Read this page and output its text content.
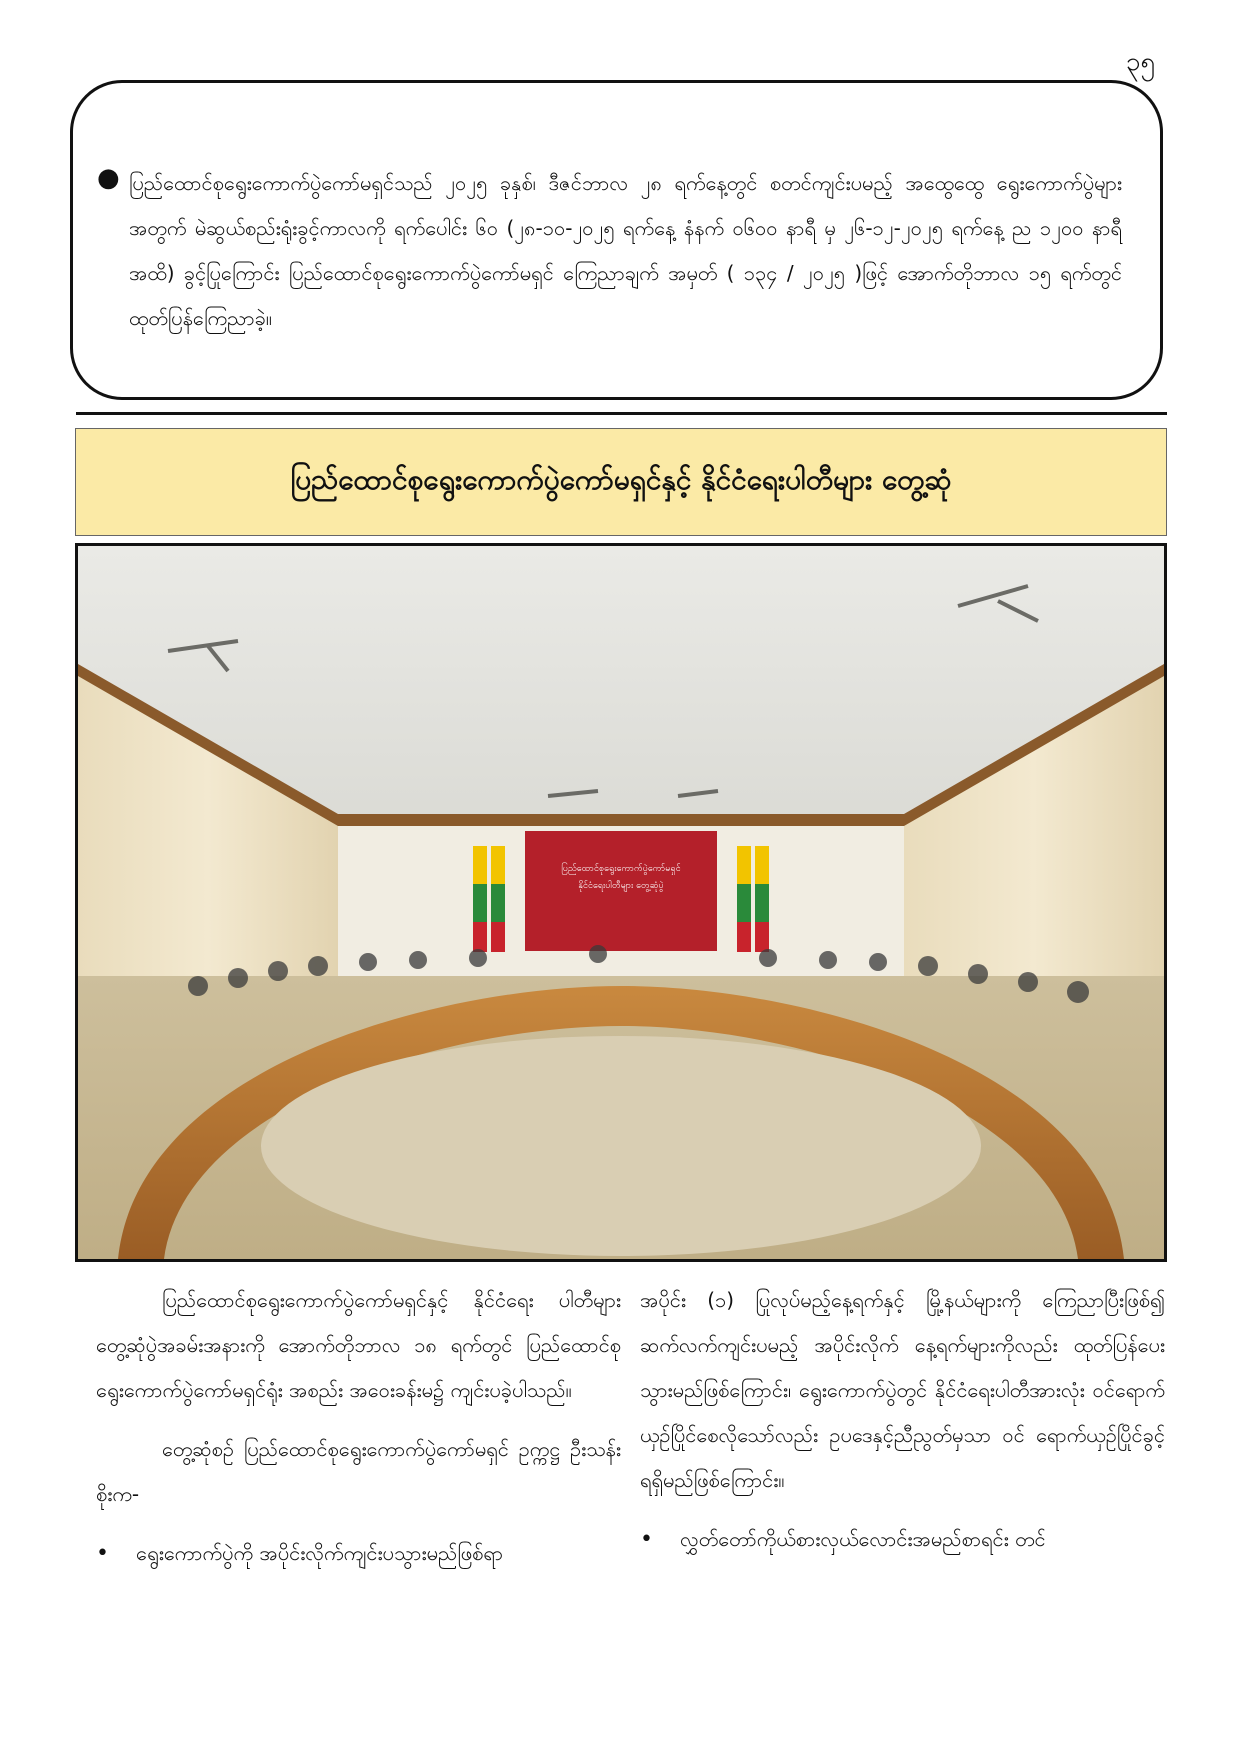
၃၅
● ပြည်ထောင်စုရွေးကောက်ပွဲကော်မရှင်သည် ၂၀၂၅ ခုနှစ်၊ ဒီဇင်ဘာလ ၂၈ ရက်နေ့တွင် စတင်ကျင်းပမည့် အထွေထွေ ရွေးကောက်ပွဲများအတွက် မဲဆွယ်စည်းရုံးခွင့်ကာလကို ရက်ပေါင်း ၆၀ (၂၈-၁၀-၂၀၂၅ ရက်နေ့ နံနက် ၀၆၀၀ နာရီ မှ ၂၆-၁၂-၂၀၂၅ ရက်နေ့ ည ၁၂၀၀ နာရီအထိ) ခွင့်ပြုကြောင်း ပြည်ထောင်စုရွေးကောက်ပွဲကော်မရှင် ကြေညာချက် အမှတ် ( ၁၃၄ / ၂၀၂၅ )ဖြင့် အောက်တိုဘာလ ၁၅ ရက်တွင် ထုတ်ပြန်ကြေညာခဲ့။

ပြည်ထောင်စုရွေးကောက်ပွဲကော်မရှင်နှင့် နိုင်ငံရေးပါတီများ တွေ့ဆုံ
ပြည်ထောင်စုရွေးကောက်ပွဲကော်မရှင်
နိုင်ငံရေးပါတီများ တွေ့ဆုံပွဲ

ပြည်ထောင်စုရွေးကောက်ပွဲကော်မရှင်နှင့် နိုင်ငံရေး ပါတီများ တွေ့ဆုံပွဲအခမ်းအနားကို အောက်တိုဘာလ ၁၈ ရက်တွင် ပြည်ထောင်စုရွေးကောက်ပွဲကော်မရှင်ရုံး အစည်း အဝေးခန်းမ၌ ကျင်းပခဲ့ပါသည်။

တွေ့ဆုံစဉ် ပြည်ထောင်စုရွေးကောက်ပွဲကော်မရှင် ဥက္ကဋ္ဌ ဦးသန်းစိုးက-

• ရွေးကောက်ပွဲကို အပိုင်းလိုက်ကျင်းပသွားမည်ဖြစ်ရာ

အပိုင်း (၁) ပြုလုပ်မည့်နေ့ရက်နှင့် မြို့နယ်များကို ကြေညာပြီးဖြစ်၍ ဆက်လက်ကျင်းပမည့် အပိုင်းလိုက် နေ့ရက်များကိုလည်း ထုတ်ပြန်ပေးသွားမည်ဖြစ်ကြောင်း၊ ရွေးကောက်ပွဲတွင် နိုင်ငံရေးပါတီအားလုံး ဝင်ရောက် ယှဉ်ပြိုင်စေလိုသော်လည်း ဥပဒေနှင့်ညီညွတ်မှသာ ဝင် ရောက်ယှဉ်ပြိုင်ခွင့်ရရှိမည်ဖြစ်ကြောင်း။

• လွှတ်တော်ကိုယ်စားလှယ်လောင်းအမည်စာရင်း တင်
